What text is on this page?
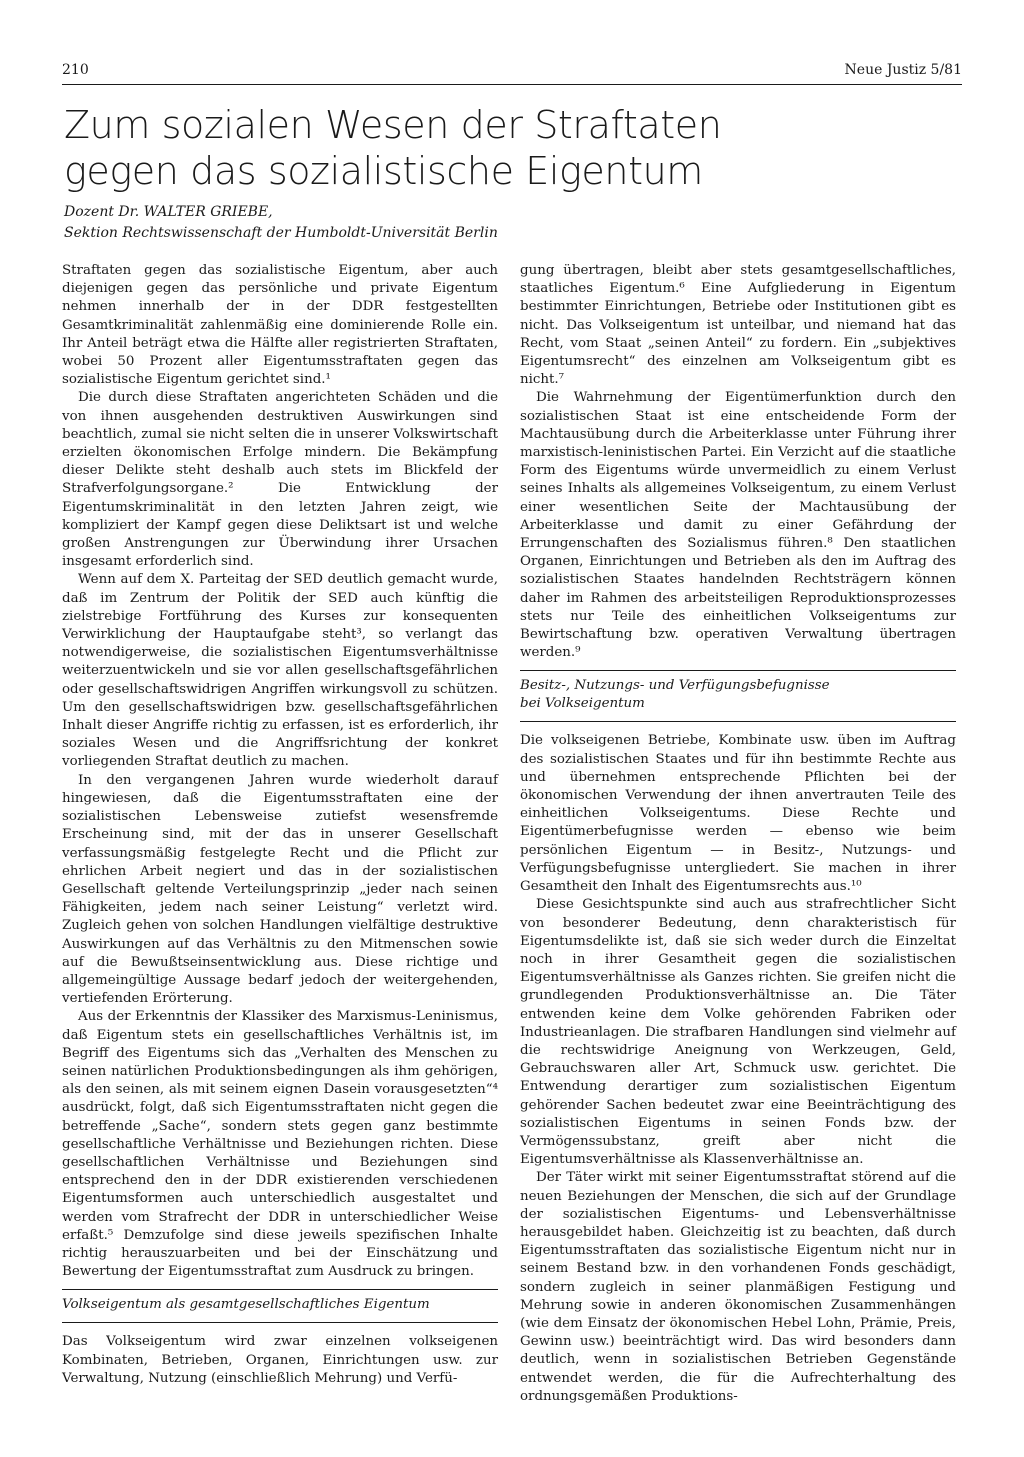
210	Neue Justiz 5/81
Zum sozialen Wesen der Straftaten
gegen das sozialistische Eigentum
Dozent Dr. WALTER GRIEBE,
Sektion Rechtswissenschaft der Humboldt-Universität Berlin

Straftaten gegen das sozialistische Eigentum, aber auch diejenigen gegen das persönliche und private Eigentum nehmen innerhalb der in der DDR festgestellten Gesamtkriminalität zahlenmäßig eine dominierende Rolle ein. Ihr Anteil beträgt etwa die Hälfte aller registrierten Straftaten, wobei 50 Prozent aller Eigentumsstraftaten gegen das sozialistische Eigentum gerichtet sind.¹

Die durch diese Straftaten angerichteten Schäden und die von ihnen ausgehenden destruktiven Auswirkungen sind beachtlich, zumal sie nicht selten die in unserer Volkswirtschaft erzielten ökonomischen Erfolge mindern. Die Bekämpfung dieser Delikte steht deshalb auch stets im Blickfeld der Strafverfolgungsorgane.² Die Entwicklung der Eigentumskriminalität in den letzten Jahren zeigt, wie kompliziert der Kampf gegen diese Deliktsart ist und welche großen Anstrengungen zur Überwindung ihrer Ursachen insgesamt erforderlich sind.

Wenn auf dem X. Parteitag der SED deutlich gemacht wurde, daß im Zentrum der Politik der SED auch künftig die zielstrebige Fortführung des Kurses zur konsequenten Verwirklichung der Hauptaufgabe steht³, so verlangt das notwendigerweise, die sozialistischen Eigentumsverhältnisse weiterzuentwickeln und sie vor allen gesellschaftsgefährlichen oder gesellschaftswidrigen Angriffen wirkungsvoll zu schützen. Um den gesellschaftswidrigen bzw. gesellschaftsgefährlichen Inhalt dieser Angriffe richtig zu erfassen, ist es erforderlich, ihr soziales Wesen und die Angriffsrichtung der konkret vorliegenden Straftat deutlich zu machen.

In den vergangenen Jahren wurde wiederholt darauf hingewiesen, daß die Eigentumsstraftaten eine der sozialistischen Lebensweise zutiefst wesensfremde Erscheinung sind, mit der das in unserer Gesellschaft verfassungsmäßig festgelegte Recht und die Pflicht zur ehrlichen Arbeit negiert und das in der sozialistischen Gesellschaft geltende Verteilungsprinzip „jeder nach seinen Fähigkeiten, jedem nach seiner Leistung“ verletzt wird. Zugleich gehen von solchen Handlungen vielfältige destruktive Auswirkungen auf das Verhältnis zu den Mitmenschen sowie auf die Bewußtseinsentwicklung aus. Diese richtige und allgemeingültige Aussage bedarf jedoch der weitergehenden, vertiefenden Erörterung.

Aus der Erkenntnis der Klassiker des Marxismus-Leninismus, daß Eigentum stets ein gesellschaftliches Verhältnis ist, im Begriff des Eigentums sich das „Verhalten des Menschen zu seinen natürlichen Produktionsbedingungen als ihm gehörigen, als den seinen, als mit seinem eignen Dasein vorausgesetzten“⁴ ausdrückt, folgt, daß sich Eigentumsstraftaten nicht gegen die betreffende „Sache“, sondern stets gegen ganz bestimmte gesellschaftliche Verhältnisse und Beziehungen richten. Diese gesellschaftlichen Verhältnisse und Beziehungen sind entsprechend den in der DDR existierenden verschiedenen Eigentumsformen auch unterschiedlich ausgestaltet und werden vom Strafrecht der DDR in unterschiedlicher Weise erfaßt.⁵ Demzufolge sind diese jeweils spezifischen Inhalte richtig herauszuarbeiten und bei der Einschätzung und Bewertung der Eigentumsstraftat zum Ausdruck zu bringen.

Volkseigentum als gesamtgesellschaftliches Eigentum

Das Volkseigentum wird zwar einzelnen volkseigenen Kombinaten, Betrieben, Organen, Einrichtungen usw. zur Verwaltung, Nutzung (einschließlich Mehrung) und Verfü-

gung übertragen, bleibt aber stets gesamtgesellschaftliches, staatliches Eigentum.⁶ Eine Aufgliederung in Eigentum bestimmter Einrichtungen, Betriebe oder Institutionen gibt es nicht. Das Volkseigentum ist unteilbar, und niemand hat das Recht, vom Staat „seinen Anteil“ zu fordern. Ein „subjektives Eigentumsrecht“ des einzelnen am Volkseigentum gibt es nicht.⁷

Die Wahrnehmung der Eigentümerfunktion durch den sozialistischen Staat ist eine entscheidende Form der Machtausübung durch die Arbeiterklasse unter Führung ihrer marxistisch-leninistischen Partei. Ein Verzicht auf die staatliche Form des Eigentums würde unvermeidlich zu einem Verlust seines Inhalts als allgemeines Volkseigentum, zu einem Verlust einer wesentlichen Seite der Machtausübung der Arbeiterklasse und damit zu einer Gefährdung der Errungenschaften des Sozialismus führen.⁸ Den staatlichen Organen, Einrichtungen und Betrieben als den im Auftrag des sozialistischen Staates handelnden Rechtsträgern können daher im Rahmen des arbeitsteiligen Reproduktionsprozesses stets nur Teile des einheitlichen Volkseigentums zur Bewirtschaftung bzw. operativen Verwaltung übertragen werden.⁹

Besitz-, Nutzungs- und Verfügungsbefugnisse
bei Volkseigentum

Die volkseigenen Betriebe, Kombinate usw. üben im Auftrag des sozialistischen Staates und für ihn bestimmte Rechte aus und übernehmen entsprechende Pflichten bei der ökonomischen Verwendung der ihnen anvertrauten Teile des einheitlichen Volkseigentums. Diese Rechte und Eigentümerbefugnisse werden — ebenso wie beim persönlichen Eigentum — in Besitz-, Nutzungs- und Verfügungsbefugnisse untergliedert. Sie machen in ihrer Gesamtheit den Inhalt des Eigentumsrechts aus.¹⁰

Diese Gesichtspunkte sind auch aus strafrechtlicher Sicht von besonderer Bedeutung, denn charakteristisch für Eigentumsdelikte ist, daß sie sich weder durch die Einzeltat noch in ihrer Gesamtheit gegen die sozialistischen Eigentumsverhältnisse als Ganzes richten. Sie greifen nicht die grundlegenden Produktionsverhältnisse an. Die Täter entwenden keine dem Volke gehörenden Fabriken oder Industrieanlagen. Die strafbaren Handlungen sind vielmehr auf die rechtswidrige Aneignung von Werkzeugen, Geld, Gebrauchswaren aller Art, Schmuck usw. gerichtet. Die Entwendung derartiger zum sozialistischen Eigentum gehörender Sachen bedeutet zwar eine Beeinträchtigung des sozialistischen Eigentums in seinen Fonds bzw. der Vermögenssubstanz, greift aber nicht die Eigentumsverhältnisse als Klassenverhältnisse an.

Der Täter wirkt mit seiner Eigentumsstraftat störend auf die neuen Beziehungen der Menschen, die sich auf der Grundlage der sozialistischen Eigentums- und Lebensverhältnisse herausgebildet haben. Gleichzeitig ist zu beachten, daß durch Eigentumsstraftaten das sozialistische Eigentum nicht nur in seinem Bestand bzw. in den vorhandenen Fonds geschädigt, sondern zugleich in seiner planmäßigen Festigung und Mehrung sowie in anderen ökonomischen Zusammenhängen (wie dem Einsatz der ökonomischen Hebel Lohn, Prämie, Preis, Gewinn usw.) beeinträchtigt wird. Das wird besonders dann deutlich, wenn in sozialistischen Betrieben Gegenstände entwendet werden, die für die Aufrechterhaltung des ordnungsgemäßen Produktions-
